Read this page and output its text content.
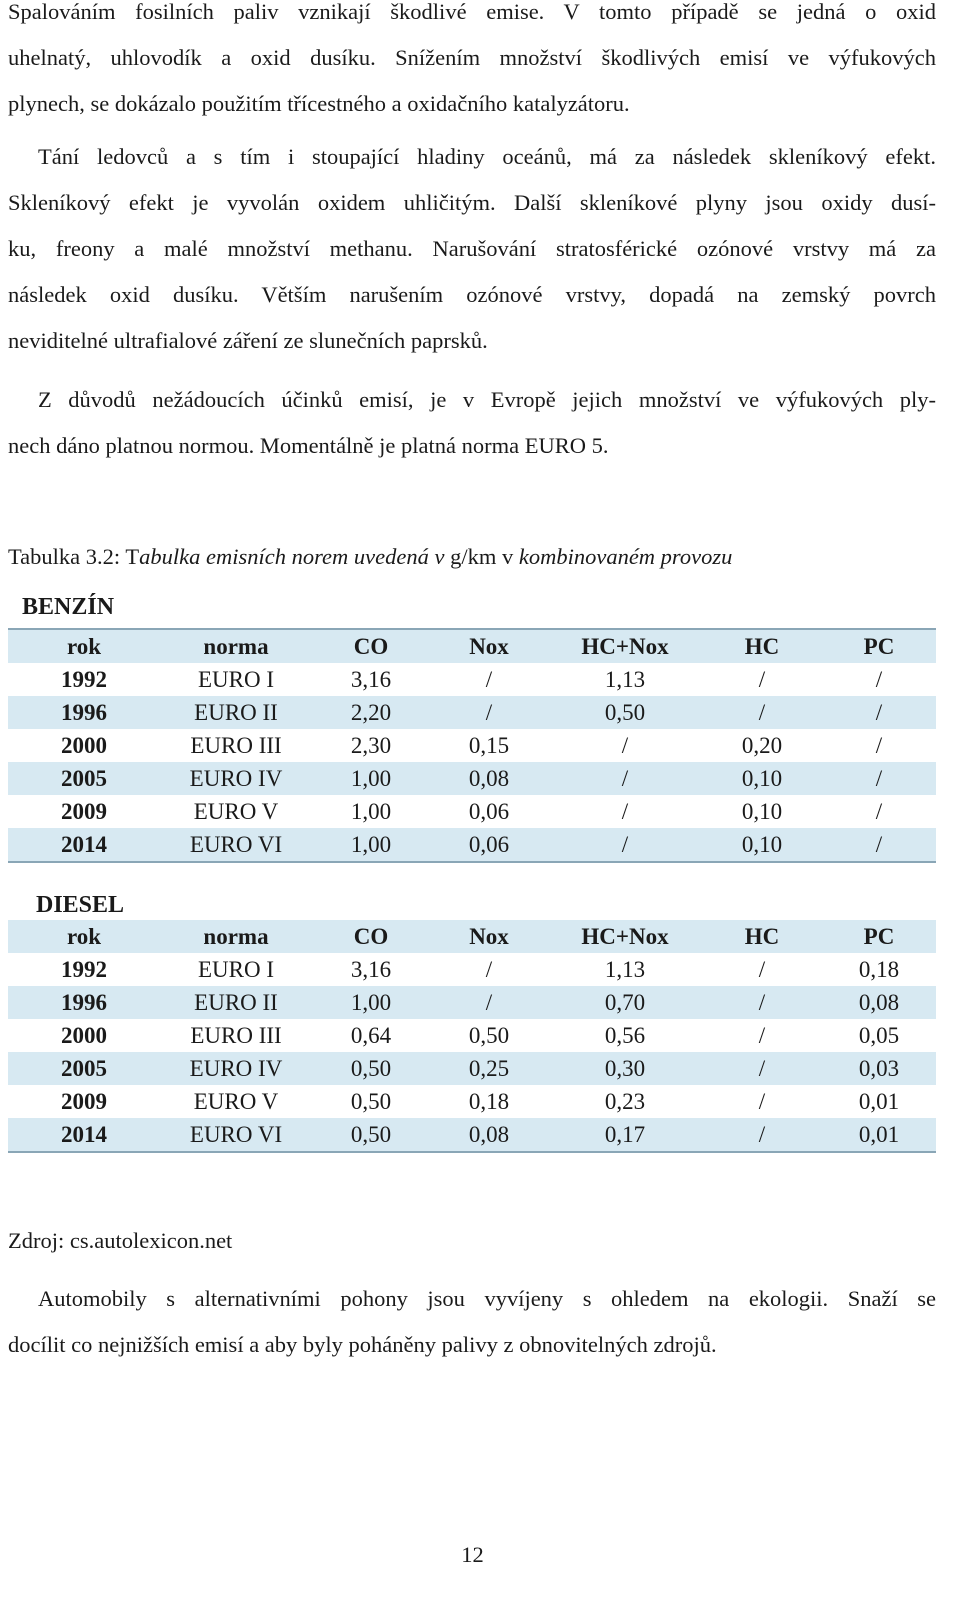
Spalováním fosilních paliv vznikají škodlivé emise. V tomto případě se jedná o oxid

uhelnatý, uhlovodík a oxid dusíku. Snížením množství škodlivých emisí ve výfukových

plynech, se dokázalo použitím třícestného a oxidačního katalyzátoru.

Tání ledovců a s tím i stoupající hladiny oceánů, má za následek skleníkový efekt.

Skleníkový efekt je vyvolán oxidem uhličitým. Další skleníkové plyny jsou oxidy dusí-

ku, freony a malé množství methanu. Narušování stratosférické ozónové vrstvy má za

následek oxid dusíku. Větším narušením ozónové vrstvy, dopadá na zemský povrch

neviditelné ultrafialové záření ze slunečních paprsků.

Z důvodů nežádoucích účinků emisí, je v Evropě jejich množství ve výfukových ply-

nech dáno platnou normou. Momentálně je platná norma EURO 5.

Tabulka 3.2: Tabulka emisních norem uvedená v g/km v kombinovaném provozu
BENZÍN
rok	norma	CO	Nox	HC+Nox	HC	PC
1992	EURO I	3,16	/	1,13	/	/
1996	EURO II	2,20	/	0,50	/	/
2000	EURO III	2,30	0,15	/	0,20	/
2005	EURO IV	1,00	0,08	/	0,10	/
2009	EURO V	1,00	0,06	/	0,10	/
2014	EURO VI	1,00	0,06	/	0,10	/
DIESEL
rok	norma	CO	Nox	HC+Nox	HC	PC
1992	EURO I	3,16	/	1,13	/	0,18
1996	EURO II	1,00	/	0,70	/	0,08
2000	EURO III	0,64	0,50	0,56	/	0,05
2005	EURO IV	0,50	0,25	0,30	/	0,03
2009	EURO V	0,50	0,18	0,23	/	0,01
2014	EURO VI	0,50	0,08	0,17	/	0,01
Zdroj: cs.autolexicon.net

Automobily s alternativními pohony jsou vyvíjeny s ohledem na ekologii. Snaží se

docílit co nejnižších emisí a aby byly poháněny palivy z obnovitelných zdrojů.

12
